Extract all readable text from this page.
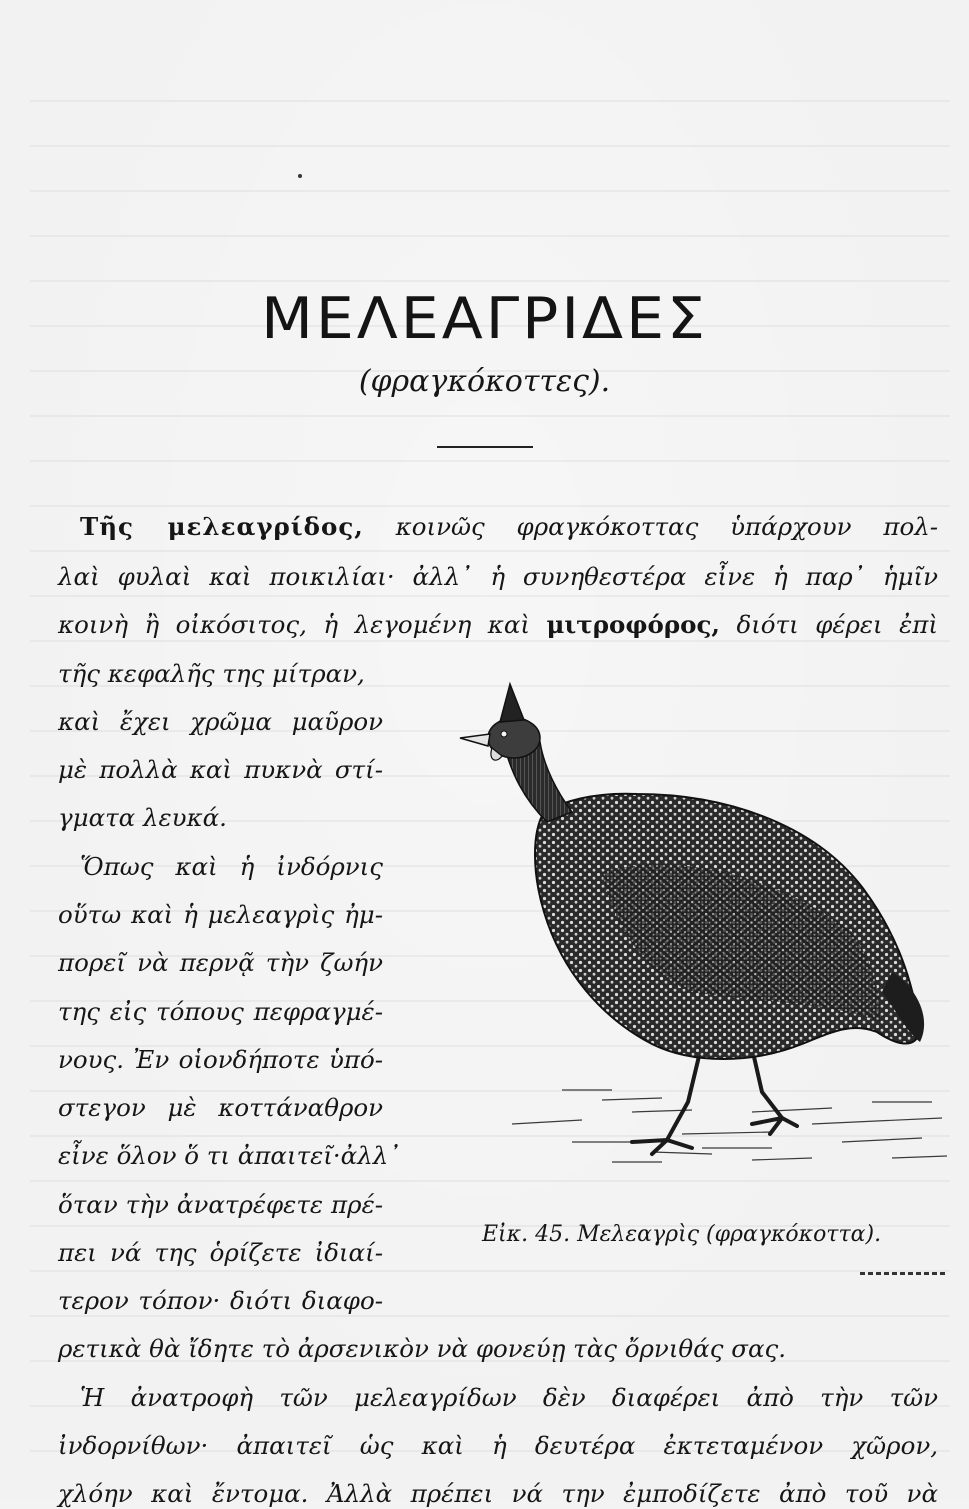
ΜΕΛΕΑΓΡΙΔΕΣ
(φραγκόκοττες).
Τῆς μελεαγρίδος, κοινῶς φραγκόκοττας ὑπάρχουν πολ-
λαὶ φυλαὶ καὶ ποικιλίαι· ἀλλ᾽ ἡ συνηθεστέρα εἶνε ἡ παρ᾽ ἡμῖν
κοινὴ ἢ οἰκόσιτος, ἡ λεγομένη καὶ μιτροφόρος, διότι φέρει ἐπὶ
τῆς κεφαλῆς της μίτραν,
καὶ ἔχει χρῶμα μαῦρον
μὲ πολλὰ καὶ πυκνὰ στί-
γματα λευκά.
Ὅπως καὶ ἡ ἰνδόρνις
οὕτω καὶ ἡ μελεαγρὶς ἠμ-
πορεῖ νὰ περνᾷ τὴν ζωήν
της εἰς τόπους πεφραγμέ-
νους. Ἐν οἱονδήποτε ὑπό-
στεγον μὲ κοττάναθρον
εἶνε ὅλον ὅ τι ἀπαιτεῖ·ἀλλ᾽
ὅταν τὴν ἀνατρέφετε πρέ-
πει νά της ὁρίζετε ἰδιαί-
τερον τόπον· διότι διαφο-
ρετικὰ θὰ ἴδητε τὸ ἀρσενικὸν νὰ φονεύῃ τὰς ὄρνιθάς σας.
Ἡ ἀνατροφὴ τῶν μελεαγρίδων δὲν διαφέρει ἀπὸ τὴν τῶν
ἰνδορνίθων· ἀπαιτεῖ ὡς καὶ ἡ δευτέρα ἐκτεταμένον χῶρον,
χλόην καὶ ἔντομα. Ἀλλὰ πρέπει νά την ἐμποδίζετε ἀπὸ τοῦ νὰ
Εἰκ. 45. Μελεαγρὶς (φραγκόκοττα).
